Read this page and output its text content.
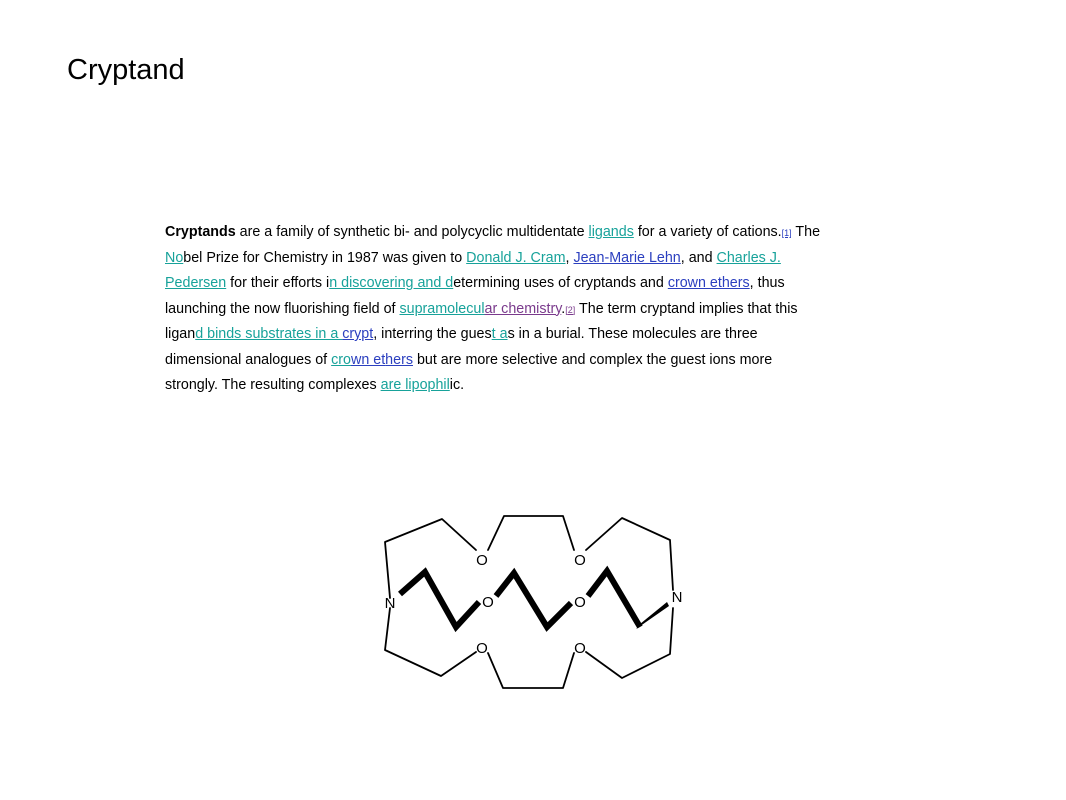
Cryptand
Cryptands are a family of synthetic bi- and polycyclic multidentate ligands for a variety of cations.[1] The
Nobel Prize for Chemistry in 1987 was given to Donald J. Cram, Jean-Marie Lehn, and Charles J.
Pedersen for their efforts in discovering and determining uses of cryptands and crown ethers, thus
launching the now fluorishing field of supramolecular chemistry.[2] The term cryptand implies that this
ligand binds substrates in a crypt, interring the guest as in a burial. These molecules are three
dimensional analogues of crown ethers but are more selective and complex the guest ions more
strongly. The resulting complexes are lipophilic.
N	N
O	O
O	O
O	O
